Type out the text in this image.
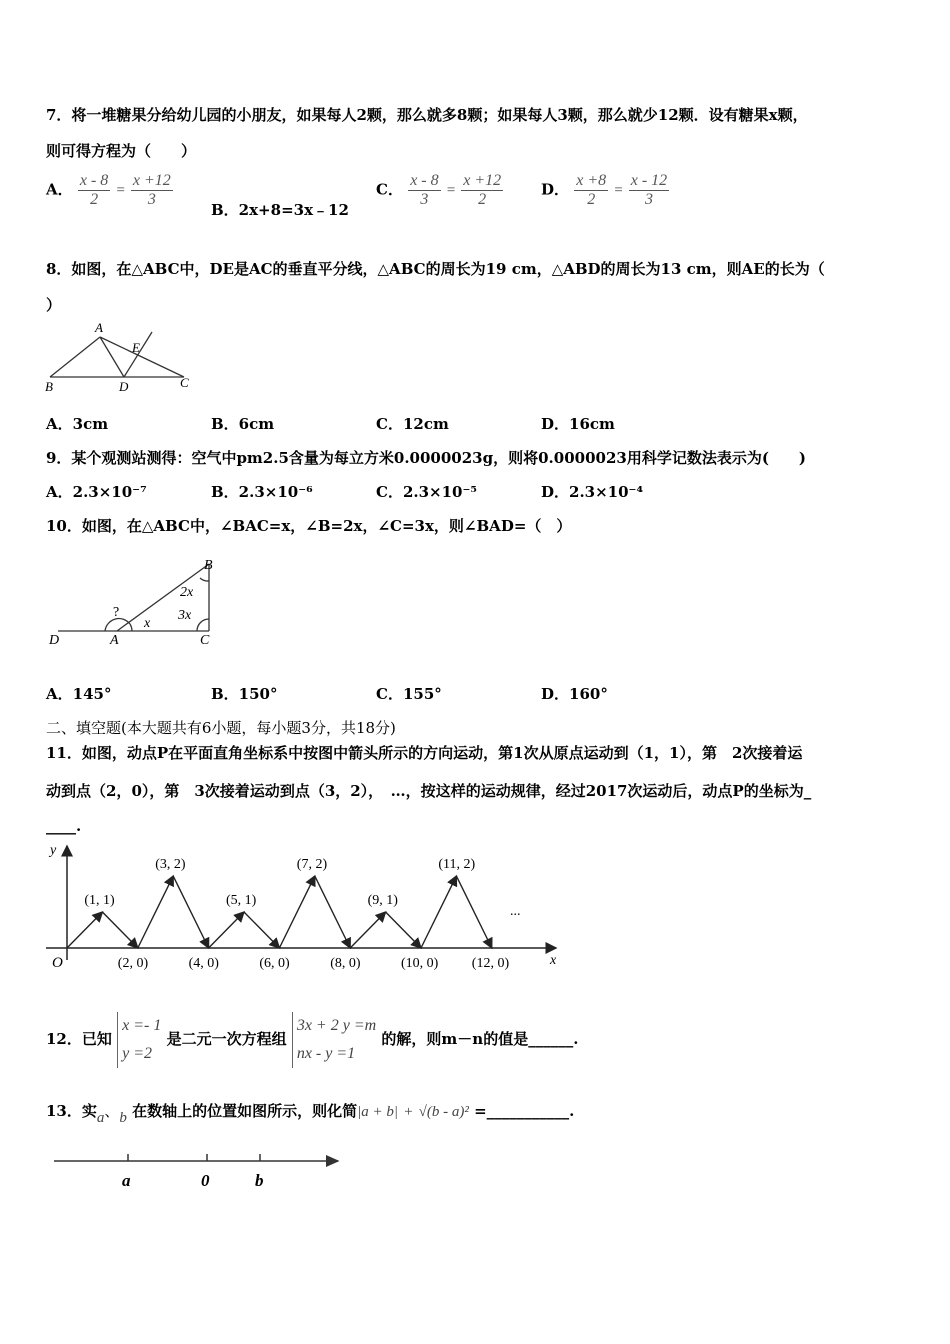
7．将一堆糖果分给幼儿园的小朋友，如果每人2颗，那么就多8颗；如果每人3颗，那么就少12颗．设有糖果x颗，
则可得方程为（　　）
A． $\frac{x - 8}{2} = \frac{x +12}{3}$
B．2x+8=3x﹣12
C． $\frac{x - 8}{3} = \frac{x +12}{2}$	D． $\frac{x +8}{2} = \frac{x - 12}{3}$
8．如图，在△ABC中，DE是AC的垂直平分线，△ABC的周长为19 cm，△ABD的周长为13 cm，则AE的长为（
）
A
E
B	D	C
A．3cm	B．6cm	C．12cm	D．16cm
9．某个观测站测得：空气中pm2.5含量为每立方米0.0000023g，则将0.0000023用科学记数法表示为(　　)
A．2.3×10⁻⁷	B．2.3×10⁻⁶	C．2.3×10⁻⁵	D．2.3×10⁻⁴
10．如图，在△ABC中，∠BAC=x，∠B=2x，∠C=3x，则∠BAD=（　）
B
2x
3x
?
x
D	A	C
A．145°	B．150°	C．155°	D．160°
二、填空题(本大题共有6小题，每小题3分，共18分)
11．如图，动点P在平面直角坐标系中按图中箭头所示的方向运动，第1次从原点运动到（1，1），第　2次接着运
动到点（2，0），第　3次接着运动到点（3，2），　…，按这样的运动规律，经过2017次运动后，动点P的坐标为_
____.
y
x
O
...
(1, 1)
(3, 2)
(5, 1)
(7, 2)
(9, 1)
(11, 2)
(2, 0)	(4, 0)	(6, 0)	(8, 0)	(10, 0) (12, 0)
12．已知 x =- 1
y =2 是二元一次方程组 3x + 2 y =m
nx - y =1 的解，则m－n的值是______.
13．实a、b 在数轴上的位置如图所示，则化简|a + b| + √(b - a)² =___________.
a	0	b
